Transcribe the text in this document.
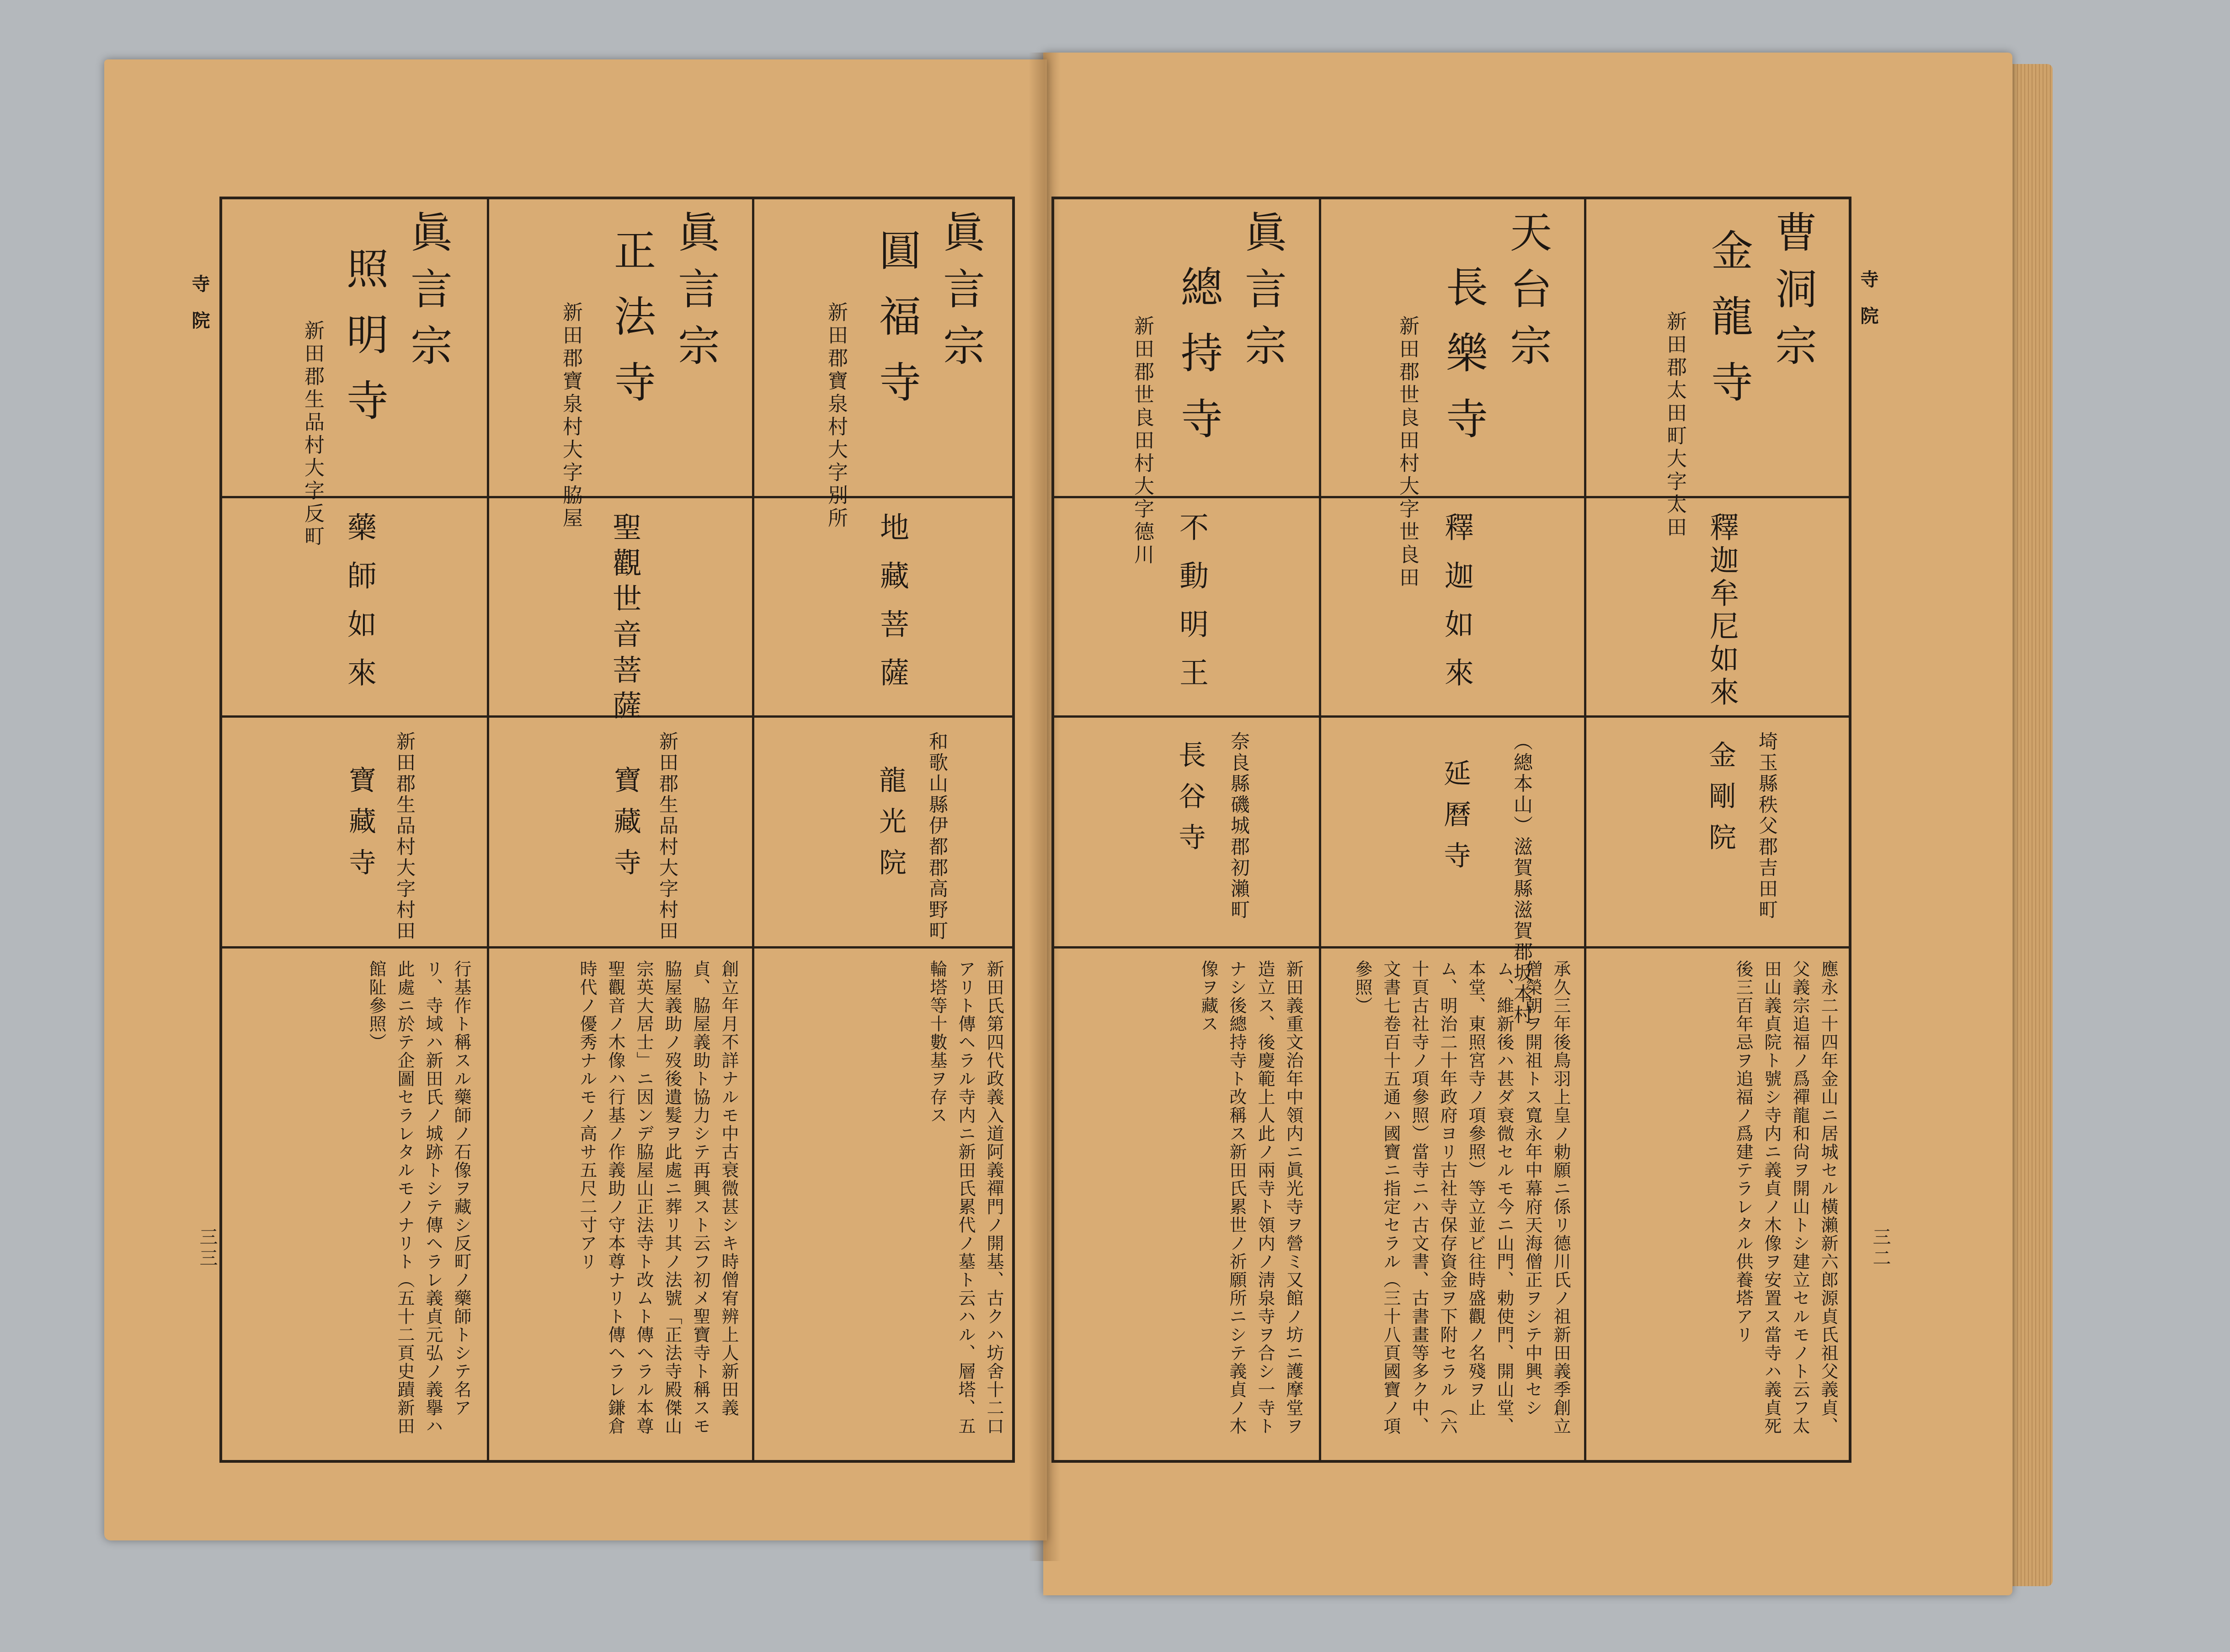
寺院	寺院
三三	三二
眞言宗
照明寺
新田郡生品村大字反町
藥師如來
寶藏寺 新田郡生品村大字村田
行基作ト稱スル藥師ノ石像ヲ藏シ反町ノ藥師トシテ名アリ、寺域ハ新田氏ノ城跡トシテ傳ヘラレ義貞元弘ノ義擧ハ此處ニ於テ企圖セラレタルモノナリト（五十二頁史蹟新田館阯參照）
眞言宗
正法寺
新田郡寶泉村大字脇屋
聖觀世音菩薩
寶藏寺 新田郡生品村大字村田
創立年月不詳ナルモ中古衰微甚シキ時僧宥辨上人新田義貞、脇屋義助ト協力シテ再興スト云フ初メ聖寶寺ト稱スモ脇屋義助ノ歿後遺髮ヲ此處ニ葬リ其ノ法號「正法寺殿傑山宗英大居士」ニ因ンデ脇屋山正法寺ト改ムト傳ヘラル本尊聖觀音ノ木像ハ行基ノ作義助ノ守本尊ナリト傳ヘラレ鎌倉時代ノ優秀ナルモノ高サ五尺二寸アリ
眞言宗
圓福寺
新田郡寶泉村大字別所
地藏菩薩
龍光院 和歌山縣伊都郡高野町
新田氏第四代政義入道阿義禪門ノ開基、古クハ坊舍十二口アリト傳ヘラル寺内ニ新田氏累代ノ墓ト云ハル、層塔、五輪塔等十數基ヲ存ス
眞言宗
總持寺
新田郡世良田村大字德川
不動明王
長谷寺 奈良縣磯城郡初瀨町
新田義重文治年中領内ニ眞光寺ヲ營ミ又館ノ坊ニ護摩堂ヲ造立ス、後慶範上人此ノ兩寺ト領内ノ淸泉寺ヲ合シ一寺トナシ後總持寺ト改稱ス新田氏累世ノ祈願所ニシテ義貞ノ木像ヲ藏ス
天台宗
長樂寺
新田郡世良田村大字世良田
釋迦如來
延曆寺	（總本山）滋賀縣滋賀郡坂本村
承久三年後鳥羽上皇ノ勅願ニ係リ德川氏ノ祖新田義季創立僧榮朝ヲ開祖トス寬永年中幕府天海僧正ヲシテ中興セシム、維新後ハ甚ダ衰微セルモ今ニ山門、勅使門、開山堂、本堂、東照宮寺ノ項參照）等立並ビ往時盛觀ノ名殘ヲ止ム、明治二十年政府ヨリ古社寺保存資金ヲ下附セラル（六十頁古社寺ノ項參照）當寺ニハ古文書、古書畫等多ク中、文書七卷百十五通ハ國寶ニ指定セラル（三十八頁國寶ノ項參照）
曹洞宗
金龍寺
新田郡太田町大字太田
釋迦牟尼如來
金剛院 埼玉縣秩父郡吉田町
應永二十四年金山ニ居城セル橫瀨新六郎源貞氏祖父義貞、父義宗追福ノ爲禪龍和尙ヲ開山トシ建立セルモノト云フ太田山義貞院ト號シ寺内ニ義貞ノ木像ヲ安置ス當寺ハ義貞死後三百年忌ヲ追福ノ爲建テラレタル供養塔アリ
